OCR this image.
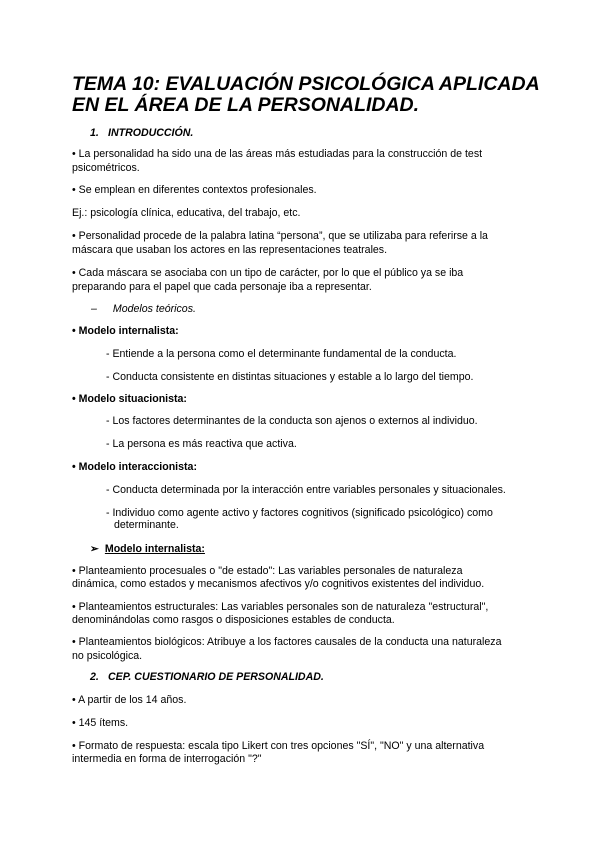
TEMA 10: EVALUACIÓN PSICOLÓGICA APLICADA EN EL ÁREA DE LA PERSONALIDAD.

1. INTRODUCCIÓN.

• La personalidad ha sido una de las áreas más estudiadas para la construcción de test

psicométricos.

• Se emplean en diferentes contextos profesionales.

Ej.: psicología clínica, educativa, del trabajo, etc.

• Personalidad procede de la palabra latina “persona”, que se utilizaba para referirse a la

máscara que usaban los actores en las representaciones teatrales.

• Cada máscara se asociaba con un tipo de carácter, por lo que el público ya se iba

preparando para el papel que cada personaje iba a representar.

– Modelos teóricos.

• Modelo internalista:

- Entiende a la persona como el determinante fundamental de la conducta.

- Conducta consistente en distintas situaciones y estable a lo largo del tiempo.

• Modelo situacionista:

- Los factores determinantes de la conducta son ajenos o externos al individuo.

- La persona es más reactiva que activa.

• Modelo interaccionista:

- Conducta determinada por la interacción entre variables personales y situacionales.

- Individuo como agente activo y factores cognitivos (significado psicológico) como

determinante.

➢ Modelo internalista:

• Planteamiento procesuales o "de estado": Las variables personales de naturaleza

dinámica, como estados y mecanismos afectivos y/o cognitivos existentes del individuo.

• Planteamientos estructurales: Las variables personales son de naturaleza "estructural",

denominándolas como rasgos o disposiciones estables de conducta.

• Planteamientos biológicos: Atribuye a los factores causales de la conducta una naturaleza

no psicológica.

2. CEP. CUESTIONARIO DE PERSONALIDAD.

• A partir de los 14 años.

• 145 ítems.

• Formato de respuesta: escala tipo Likert con tres opciones "SÍ", "NO" y una alternativa

intermedia en forma de interrogación "?"
